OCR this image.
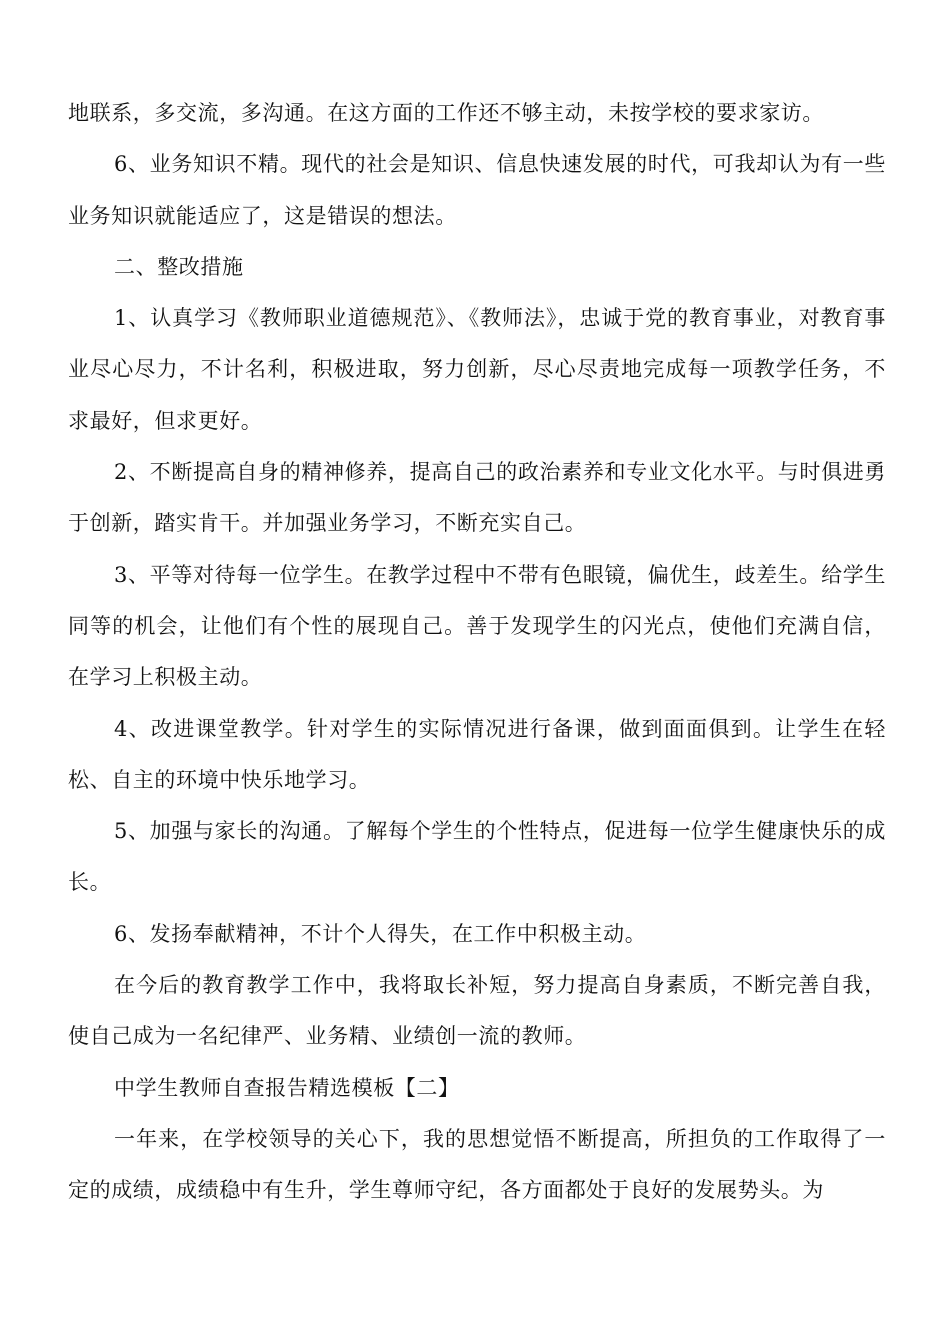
地联系，多交流，多沟通。在这方面的工作还不够主动，未按学校的要求家访。

6、业务知识不精。现代的社会是知识、信息快速发展的时代，可我却认为有一些业务知识就能适应了，这是错误的想法。

二、整改措施

1、认真学习《教师职业道德规范》、《教师法》，忠诚于党的教育事业，对教育事业尽心尽力，不计名利，积极进取，努力创新，尽心尽责地完成每一项教学任务，不求最好，但求更好。

2、不断提高自身的精神修养，提高自己的政治素养和专业文化水平。与时俱进勇于创新，踏实肯干。并加强业务学习，不断充实自己。

3、平等对待每一位学生。在教学过程中不带有色眼镜，偏优生，歧差生。给学生同等的机会，让他们有个性的展现自己。善于发现学生的闪光点，使他们充满自信，在学习上积极主动。

4、改进课堂教学。针对学生的实际情况进行备课，做到面面俱到。让学生在轻松、自主的环境中快乐地学习。

5、加强与家长的沟通。了解每个学生的个性特点，促进每一位学生健康快乐的成长。

6、发扬奉献精神，不计个人得失，在工作中积极主动。

在今后的教育教学工作中，我将取长补短，努力提高自身素质，不断完善自我，使自己成为一名纪律严、业务精、业绩创一流的教师。

中学生教师自查报告精选模板【二】

一年来，在学校领导的关心下，我的思想觉悟不断提高，所担负的工作取得了一定的成绩，成绩稳中有生升，学生尊师守纪，各方面都处于良好的发展势头。为
